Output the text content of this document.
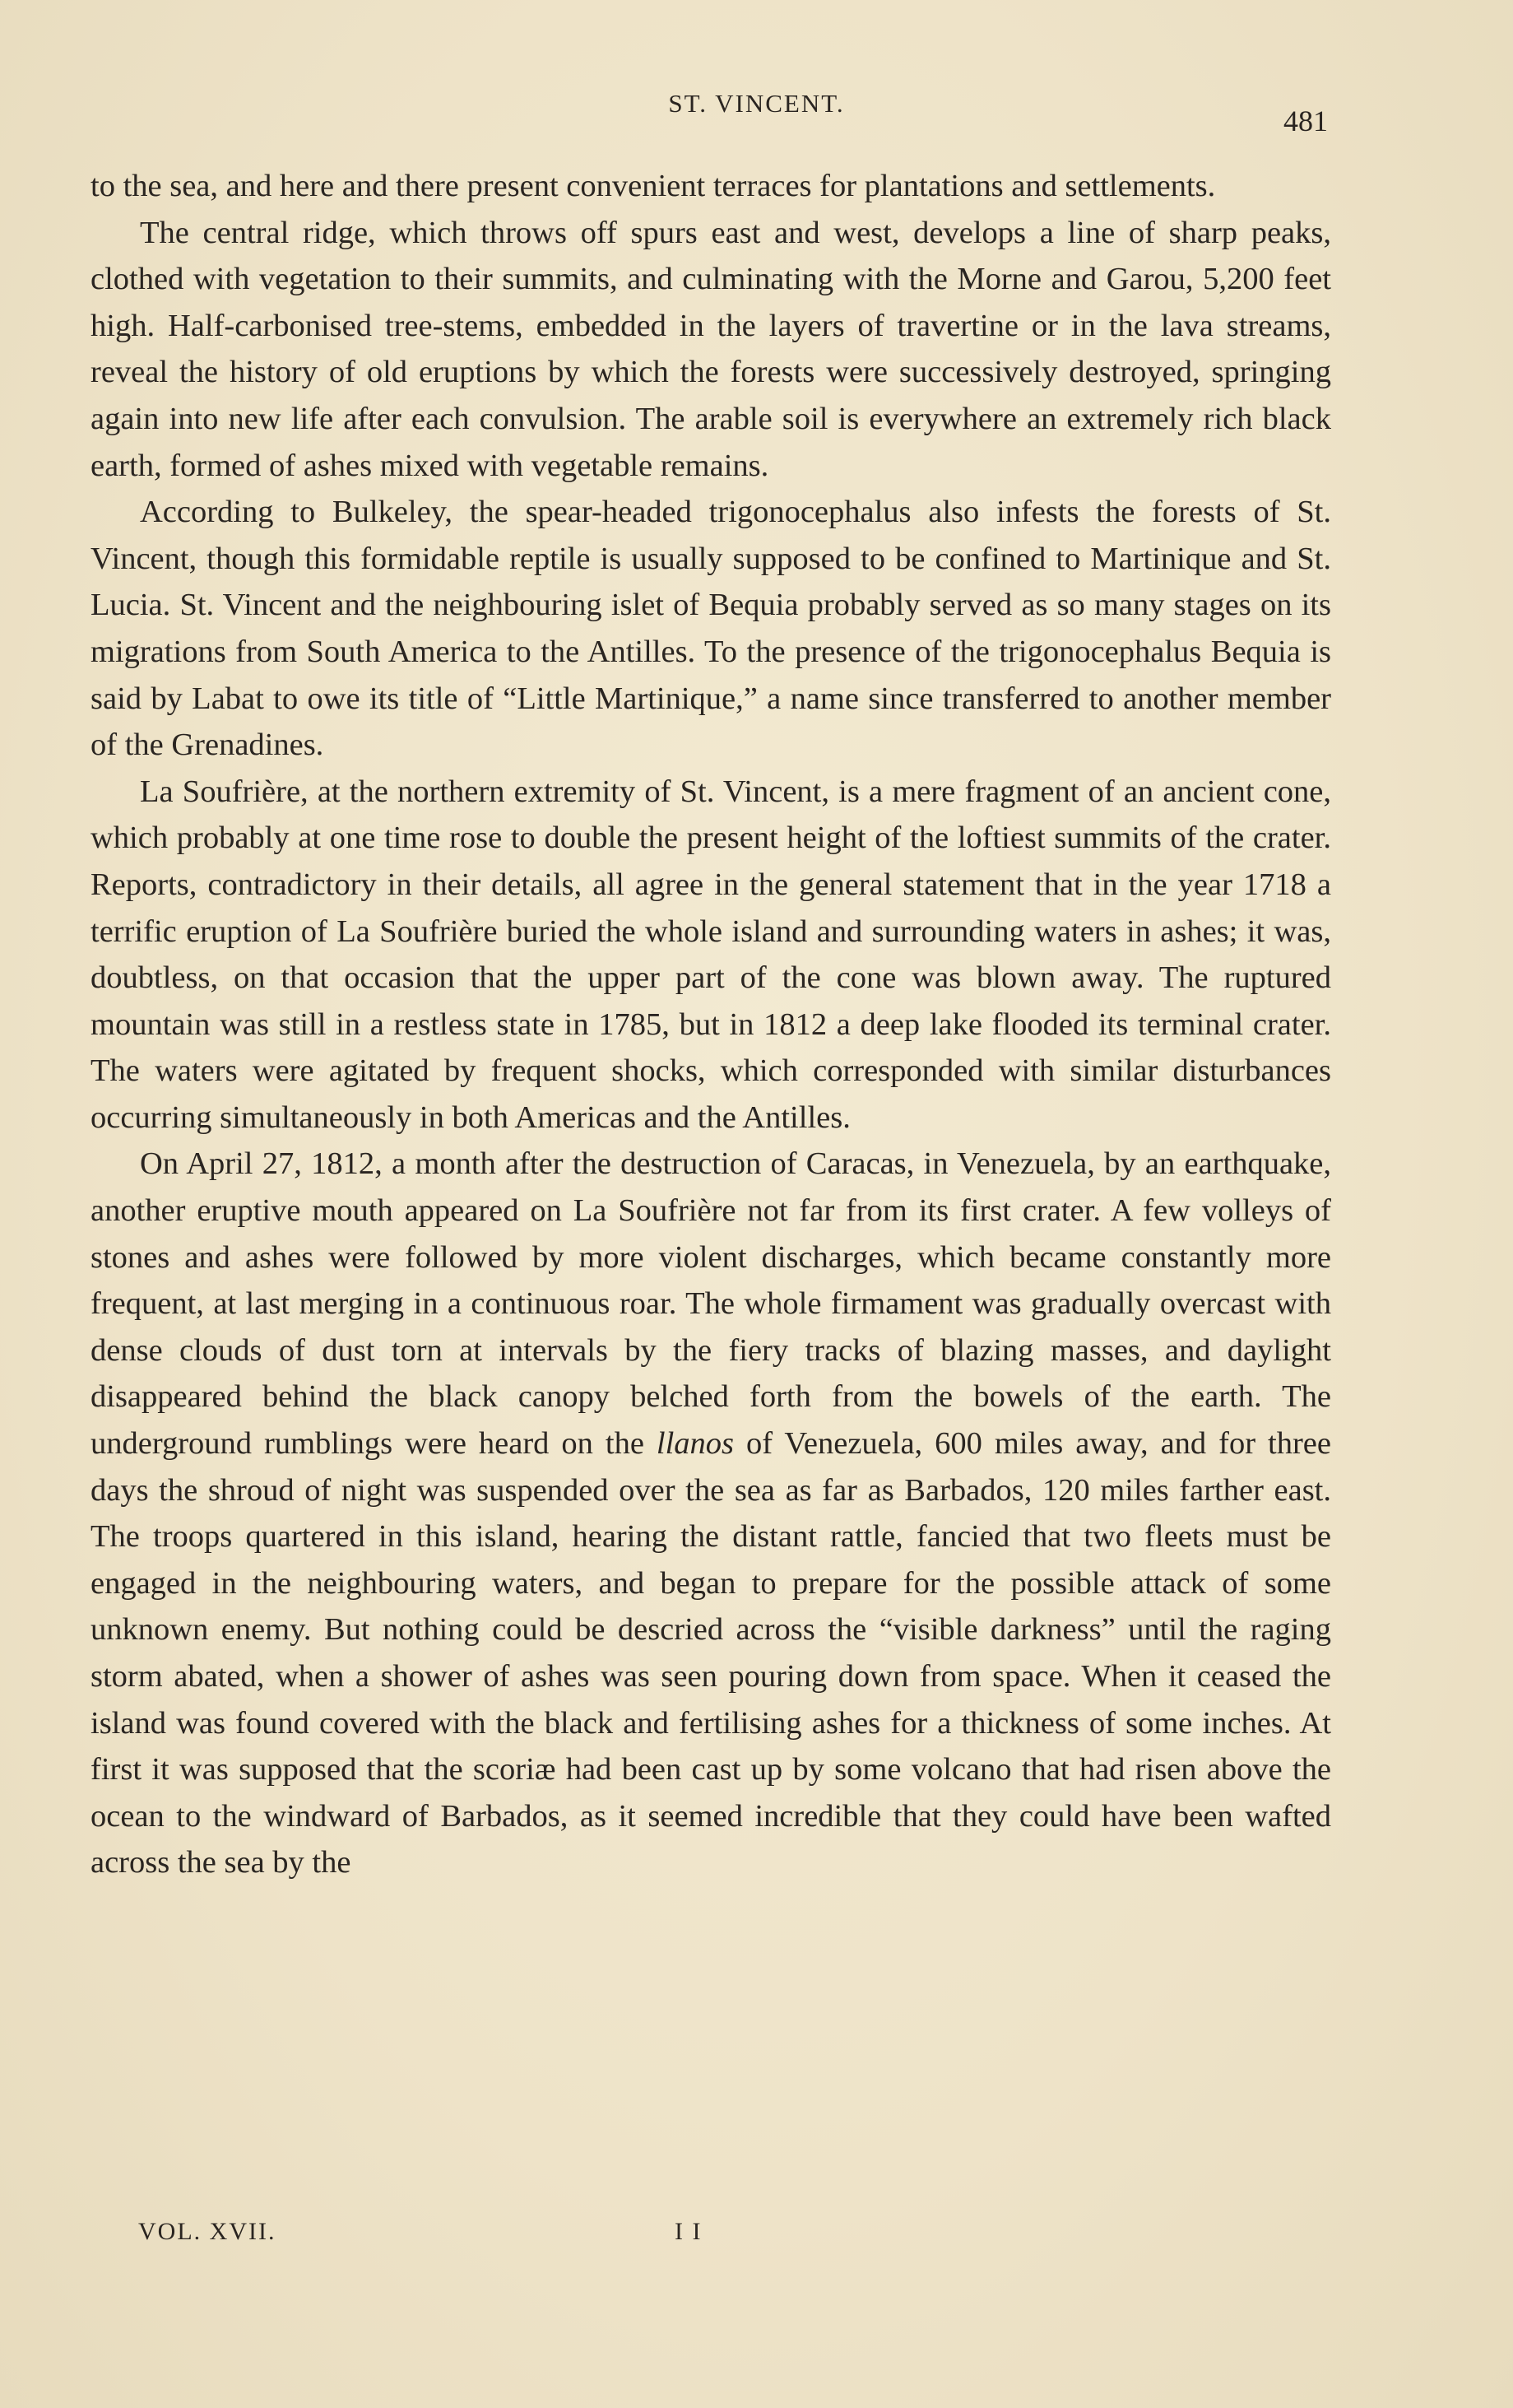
ST. VINCENT.
481

to the sea, and here and there present convenient terraces for plantations and settlements.

The central ridge, which throws off spurs east and west, develops a line of sharp peaks, clothed with vegetation to their summits, and culminating with the Morne and Garou, 5,200 feet high. Half-carbonised tree-stems, embedded in the layers of travertine or in the lava streams, reveal the history of old eruptions by which the forests were successively destroyed, springing again into new life after each convulsion. The arable soil is everywhere an extremely rich black earth, formed of ashes mixed with vegetable remains.

According to Bulkeley, the spear-headed trigonocephalus also infests the forests of St. Vincent, though this formidable reptile is usually supposed to be confined to Martinique and St. Lucia. St. Vincent and the neighbouring islet of Bequia probably served as so many stages on its migrations from South America to the Antilles. To the presence of the trigonocephalus Bequia is said by Labat to owe its title of “Little Martinique,” a name since transferred to another member of the Grenadines.

La Soufrière, at the northern extremity of St. Vincent, is a mere fragment of an ancient cone, which probably at one time rose to double the present height of the loftiest summits of the crater. Reports, contradictory in their details, all agree in the general statement that in the year 1718 a terrific eruption of La Soufrière buried the whole island and surrounding waters in ashes; it was, doubtless, on that occasion that the upper part of the cone was blown away. The ruptured mountain was still in a restless state in 1785, but in 1812 a deep lake flooded its terminal crater. The waters were agitated by frequent shocks, which corresponded with similar disturbances occurring simultaneously in both Americas and the Antilles.

On April 27, 1812, a month after the destruction of Caracas, in Venezuela, by an earthquake, another eruptive mouth appeared on La Soufrière not far from its first crater. A few volleys of stones and ashes were followed by more violent discharges, which became constantly more frequent, at last merging in a continuous roar. The whole firmament was gradually overcast with dense clouds of dust torn at intervals by the fiery tracks of blazing masses, and daylight disappeared behind the black canopy belched forth from the bowels of the earth. The underground rumblings were heard on the llanos of Venezuela, 600 miles away, and for three days the shroud of night was suspended over the sea as far as Barbados, 120 miles farther east. The troops quartered in this island, hearing the distant rattle, fancied that two fleets must be engaged in the neighbouring waters, and began to prepare for the possible attack of some unknown enemy. But nothing could be descried across the “visible darkness” until the raging storm abated, when a shower of ashes was seen pouring down from space. When it ceased the island was found covered with the black and fertilising ashes for a thickness of some inches. At first it was supposed that the scoriæ had been cast up by some volcano that had risen above the ocean to the windward of Barbados, as it seemed incredible that they could have been wafted across the sea by the

VOL. XVII.	I I
